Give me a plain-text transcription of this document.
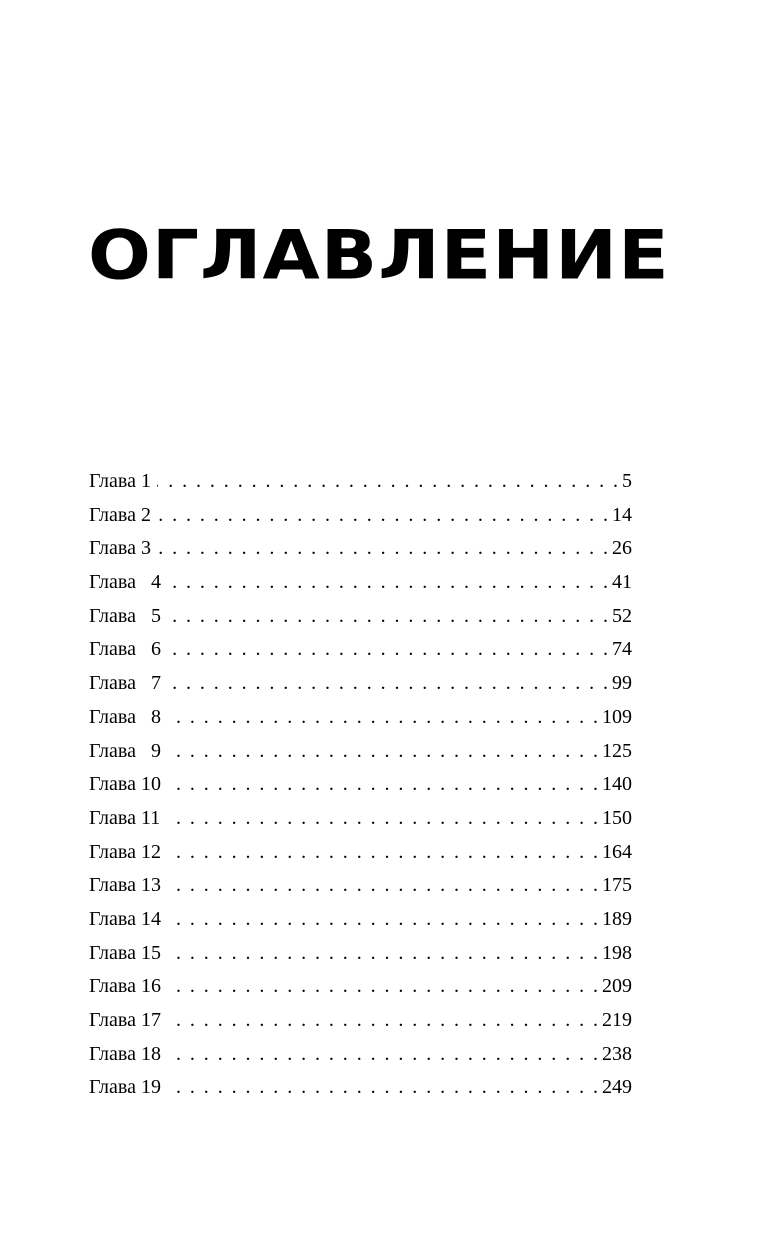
ОГЛАВЛЕНИЕ
Глава 1 . . .	5
Глава 2 . . .	14
Глава 3 . . .	26
Глава   4 . . .	41
Глава   5 . . .	52
Глава   6 . . .	74
Глава   7 . . .	99
Глава   8 . . .	109
Глава   9 . . .	125
Глава 10 . . .	140
Глава 11 . . .	150
Глава 12 . . .	164
Глава 13 . . .	175
Глава 14 . . .	189
Глава 15 . . .	198
Глава 16 . . .	209
Глава 17 . . .	219
Глава 18 . . .	238
Глава 19 . . .	249
